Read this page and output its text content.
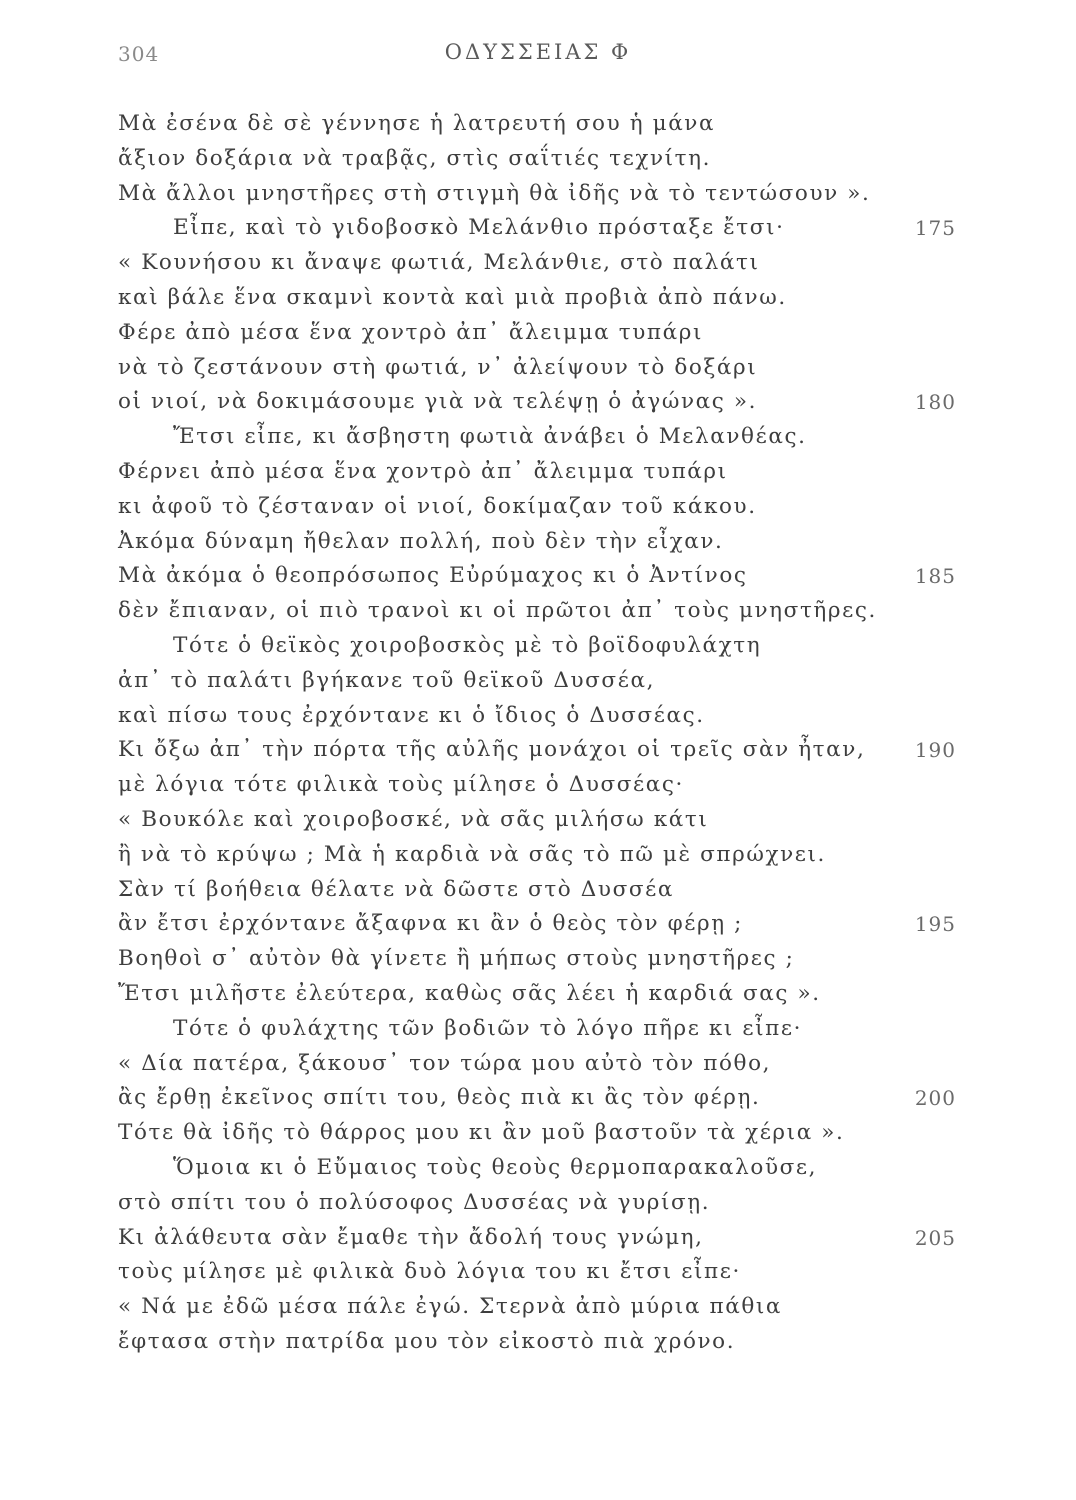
304	ΟΔΥΣΣΕΙΑΣ Φ
Μὰ ἐσένα δὲ σὲ γέννησε ἡ λατρευτή σου ἡ μάνα
ἄξιον δοξάρια νὰ τραβᾷς, στὶς σαΐτιές τεχνίτη.
Μὰ ἄλλοι μνηστῆρες στὴ στιγμὴ θὰ ἰδῆς νὰ τὸ τεντώσουν ».
Εἶπε, καὶ τὸ γιδοβοσκὸ Μελάνθιο πρόσταξε ἔτσι·	175
« Κουνήσου κι ἄναψε φωτιά, Μελάνθιε, στὸ παλάτι
καὶ βάλε ἕνα σκαμνὶ κοντὰ καὶ μιὰ προβιὰ ἀπὸ πάνω.
Φέρε ἀπὸ μέσα ἕνα χοντρὸ ἀπ᾽ ἄλειμμα τυπάρι
νὰ τὸ ζεστάνουν στὴ φωτιά, ν᾽ ἀλείψουν τὸ δοξάρι
οἱ νιοί, νὰ δοκιμάσουμε γιὰ νὰ τελέψῃ ὁ ἀγώνας ».	180
Ἔτσι εἶπε, κι ἄσβηστη φωτιὰ ἀνάβει ὁ Μελανθέας.
Φέρνει ἀπὸ μέσα ἕνα χοντρὸ ἀπ᾽ ἄλειμμα τυπάρι
κι ἀφοῦ τὸ ζέσταναν οἱ νιοί, δοκίμαζαν τοῦ κάκου.
Ἀκόμα δύναμη ἤθελαν πολλή, ποὺ δὲν τὴν εἶχαν.
Μὰ ἀκόμα ὁ θεοπρόσωπος Εὐρύμαχος κι ὁ Ἀντίνος	185
δὲν ἔπιαναν, οἱ πιὸ τρανοὶ κι οἱ πρῶτοι ἀπ᾽ τοὺς μνηστῆρες.
Τότε ὁ θεϊκὸς χοιροβοσκὸς μὲ τὸ βοϊδοφυλάχτη
ἀπ᾽ τὸ παλάτι βγήκανε τοῦ θεϊκοῦ Δυσσέα,
καὶ πίσω τους ἐρχόντανε κι ὁ ἴδιος ὁ Δυσσέας.
Κι ὄξω ἀπ᾽ τὴν πόρτα τῆς αὐλῆς μονάχοι οἱ τρεῖς σὰν ἦταν, 190
μὲ λόγια τότε φιλικὰ τοὺς μίλησε ὁ Δυσσέας·
« Βουκόλε καὶ χοιροβοσκέ, νὰ σᾶς μιλήσω κάτι
ἢ νὰ τὸ κρύψω ; Μὰ ἡ καρδιὰ νὰ σᾶς τὸ πῶ μὲ σπρώχνει.
Σὰν τί βοήθεια θέλατε νὰ δῶστε στὸ Δυσσέα
ἂν ἔτσι ἐρχόντανε ἄξαφνα κι ἂν ὁ θεὸς τὸν φέρῃ ;	195
Βοηθοὶ σ᾽ αὐτὸν θὰ γίνετε ἢ μήπως στοὺς μνηστῆρες ;
Ἔτσι μιλῆστε ἐλεύτερα, καθὼς σᾶς λέει ἡ καρδιά σας ».
Τότε ὁ φυλάχτης τῶν βοδιῶν τὸ λόγο πῆρε κι εἶπε·
« Δία πατέρα, ξάκουσ᾽ τον τώρα μου αὐτὸ τὸν πόθο,
ἂς ἔρθῃ ἐκεῖνος σπίτι του, θεὸς πιὰ κι ἂς τὸν φέρῃ.	200
Τότε θὰ ἰδῆς τὸ θάρρος μου κι ἂν μοῦ βαστοῦν τὰ χέρια ».
Ὅμοια κι ὁ Εὔμαιος τοὺς θεοὺς θερμοπαρακαλοῦσε,
στὸ σπίτι του ὁ πολύσοφος Δυσσέας νὰ γυρίσῃ.
Κι ἀλάθευτα σὰν ἔμαθε τὴν ἄδολή τους γνώμη,	205
τοὺς μίλησε μὲ φιλικὰ δυὸ λόγια του κι ἔτσι εἶπε·
« Νά με ἐδῶ μέσα πάλε ἐγώ. Στερνὰ ἀπὸ μύρια πάθια
ἔφτασα στὴν πατρίδα μου τὸν εἰκοστὸ πιὰ χρόνο.
